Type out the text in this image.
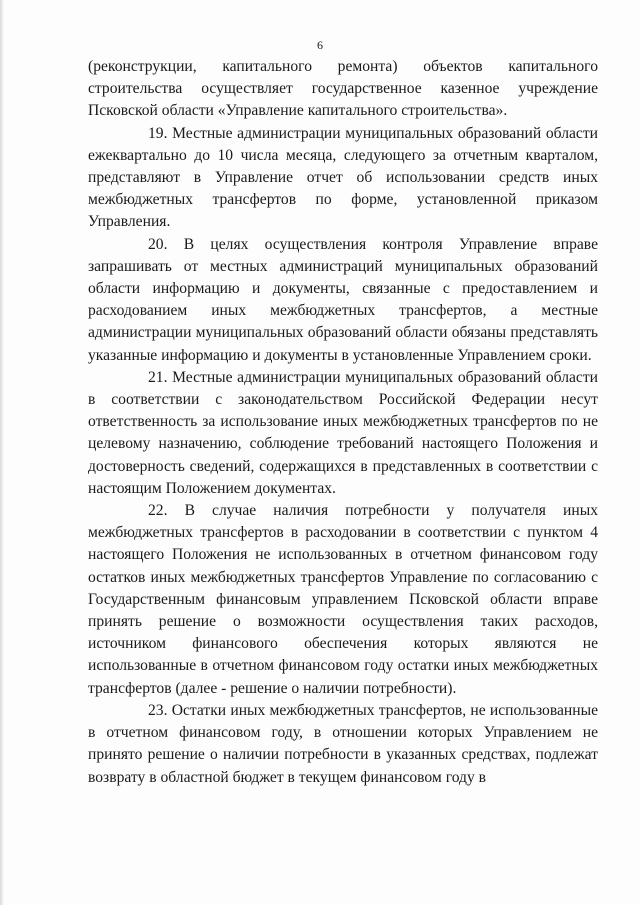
6

(реконструкции, капитального ремонта) объектов капитального строительства осуществляет государственное казенное учреждение Псковской области «Управление капитального строительства».

19. Местные администрации муниципальных образований области ежеквартально до 10 числа месяца, следующего за отчетным кварталом, представляют в Управление отчет об использовании средств иных межбюджетных трансфертов по форме, установленной приказом Управления.

20. В целях осуществления контроля Управление вправе запрашивать от местных администраций муниципальных образований области информацию и документы, связанные с предоставлением и расходованием иных межбюджетных трансфертов, а местные администрации муниципальных образований области обязаны представлять указанные информацию и документы в установленные Управлением сроки.

21. Местные администрации муниципальных образований области в соответствии с законодательством Российской Федерации несут ответственность за использование иных межбюджетных трансфертов по не целевому назначению, соблюдение требований настоящего Положения и достоверность сведений, содержащихся в представленных в соответствии с настоящим Положением документах.

22. В случае наличия потребности у получателя иных межбюджетных трансфертов в расходовании в соответствии с пунктом 4 настоящего Положения не использованных в отчетном финансовом году остатков иных межбюджетных трансфертов Управление по согласованию с Государственным финансовым управлением Псковской области вправе принять решение о возможности осуществления таких расходов, источником финансового обеспечения которых являются не использованные в отчетном финансовом году остатки иных межбюджетных трансфертов (далее - решение о наличии потребности).

23. Остатки иных межбюджетных трансфертов, не использованные в отчетном финансовом году, в отношении которых Управлением не принято решение о наличии потребности в указанных средствах, подлежат возврату в областной бюджет в текущем финансовом году в
